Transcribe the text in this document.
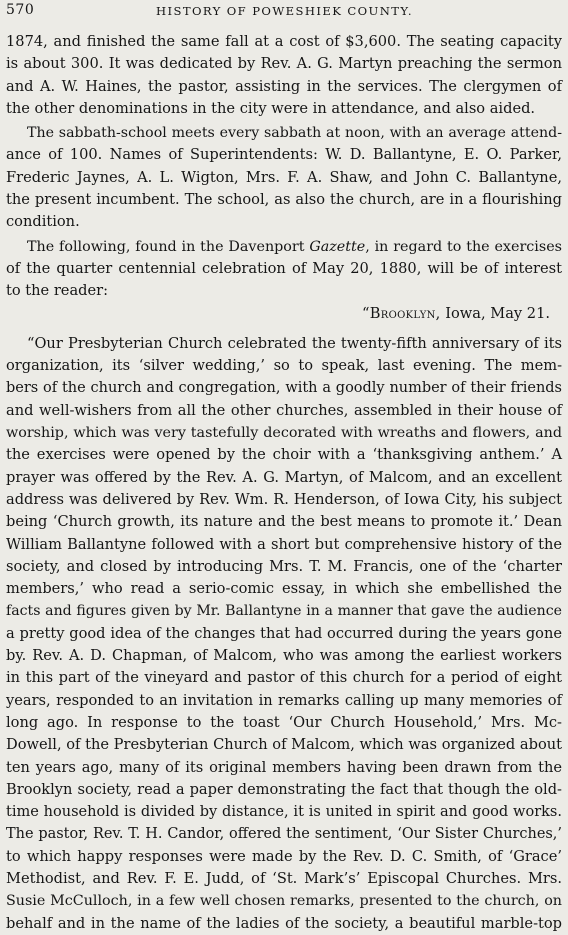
570	HISTORY OF POWESHIEK COUNTY.
1874, and finished the same fall at a cost of $3,600. The seating capacity
is about 300. It was dedicated by Rev. A. G. Martyn preaching the sermon
and A. W. Haines, the pastor, assisting in the services. The clergymen of
the other denominations in the city were in attendance, and also aided.
The sabbath-school meets every sabbath at noon, with an average attend-
ance of 100. Names of Superintendents: W. D. Ballantyne, E. O. Parker,
Frederic Jaynes, A. L. Wigton, Mrs. F. A. Shaw, and John C. Ballantyne,
the present incumbent. The school, as also the church, are in a flourishing
condition.
The following, found in the Davenport Gazette, in regard to the exercises
of the quarter centennial celebration of May 20, 1880, will be of interest
to the reader:
“Brooklyn, Iowa, May 21.
“Our Presbyterian Church celebrated the twenty-fifth anniversary of its
organization, its ‘silver wedding,’ so to speak, last evening. The mem-
bers of the church and congregation, with a goodly number of their friends
and well-wishers from all the other churches, assembled in their house of
worship, which was very tastefully decorated with wreaths and flowers, and
the exercises were opened by the choir with a ‘thanksgiving anthem.’ A
prayer was offered by the Rev. A. G. Martyn, of Malcom, and an excellent
address was delivered by Rev. Wm. R. Henderson, of Iowa City, his subject
being ‘Church growth, its nature and the best means to promote it.’ Dean
William Ballantyne followed with a short but comprehensive history of the
society, and closed by introducing Mrs. T. M. Francis, one of the ‘charter
members,’ who read a serio-comic essay, in which she embellished the
facts and figures given by Mr. Ballantyne in a manner that gave the audience
a pretty good idea of the changes that had occurred during the years gone
by. Rev. A. D. Chapman, of Malcom, who was among the earliest workers
in this part of the vineyard and pastor of this church for a period of eight
years, responded to an invitation in remarks calling up many memories of
long ago. In response to the toast ‘Our Church Household,’ Mrs. Mc-
Dowell, of the Presbyterian Church of Malcom, which was organized about
ten years ago, many of its original members having been drawn from the
Brooklyn society, read a paper demonstrating the fact that though the old-
time household is divided by distance, it is united in spirit and good works.
The pastor, Rev. T. H. Candor, offered the sentiment, ‘Our Sister Churches,’
to which happy responses were made by the Rev. D. C. Smith, of ‘Grace’
Methodist, and Rev. F. E. Judd, of ‘St. Mark’s’ Episcopal Churches. Mrs.
Susie McCulloch, in a few well chosen remarks, presented to the church, on
behalf and in the name of the ladies of the society, a beautiful marble-top
